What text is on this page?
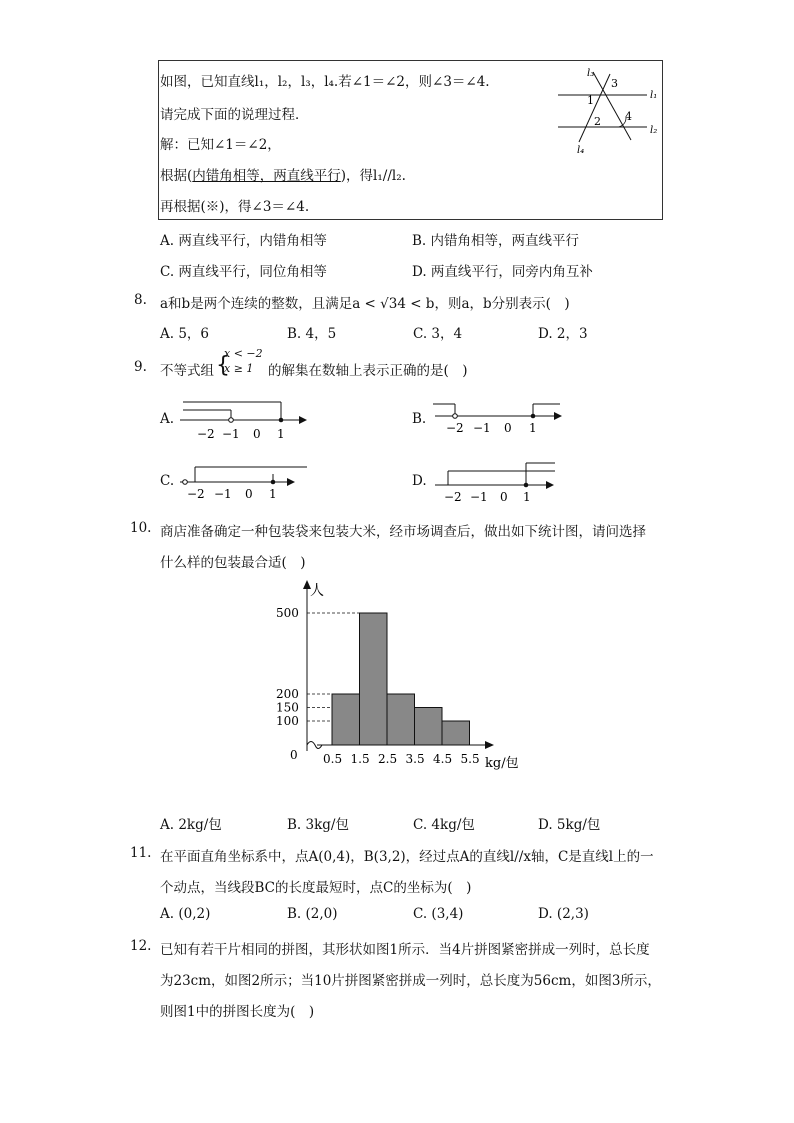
如图，已知直线l₁，l₂，l₃，l₄.若∠1＝∠2，则∠3＝∠4.
请完成下面的说理过程．
解：已知∠1＝∠2，
根据(内错角相等，两直线平行)，得l₁//l₂.
再根据(※)，得∠3＝∠4.
l₃
l₁
l₂
l₄
1
2
3
4
A. 两直线平行，内错角相等	B. 内错角相等，两直线平行
C. 两直线平行，同位角相等	D. 两直线平行，同旁内角互补
8. a和b是两个连续的整数，且满足a < √34 < b，则a，b分别表示(　)
A. 5，6	B. 4，5	C. 3，4	D. 2，3
9. 不等式组 {
x < −2
x ≥ 1 的解集在数轴上表示正确的是(　)
A.
−2 −1 0 1
B.
−2 −1 0 1
C.
−2 −1 0 1
D.
−2 −1 0 1
10. 商店准备确定一种包装袋来包装大米，经市场调查后，做出如下统计图，请问选择
什么样的包装最合适(　)
人
kg/包
0
100
150
200
500
0.5 1.5 2.5 3.5 4.5 5.5
A. 2kg/包	B. 3kg/包	C. 4kg/包	D. 5kg/包
11. 在平面直角坐标系中，点A(0,4)，B(3,2)，经过点A的直线l//x轴，C是直线l上的一
个动点，当线段BC的长度最短时，点C的坐标为(　)
A. (0,2)	B. (2,0)	C. (3,4)	D. (2,3)
12. 已知有若干片相同的拼图，其形状如图1所示．当4片拼图紧密拼成一列时，总长度
为23cm，如图2所示；当10片拼图紧密拼成一列时，总长度为56cm，如图3所示，
则图1中的拼图长度为(　)
